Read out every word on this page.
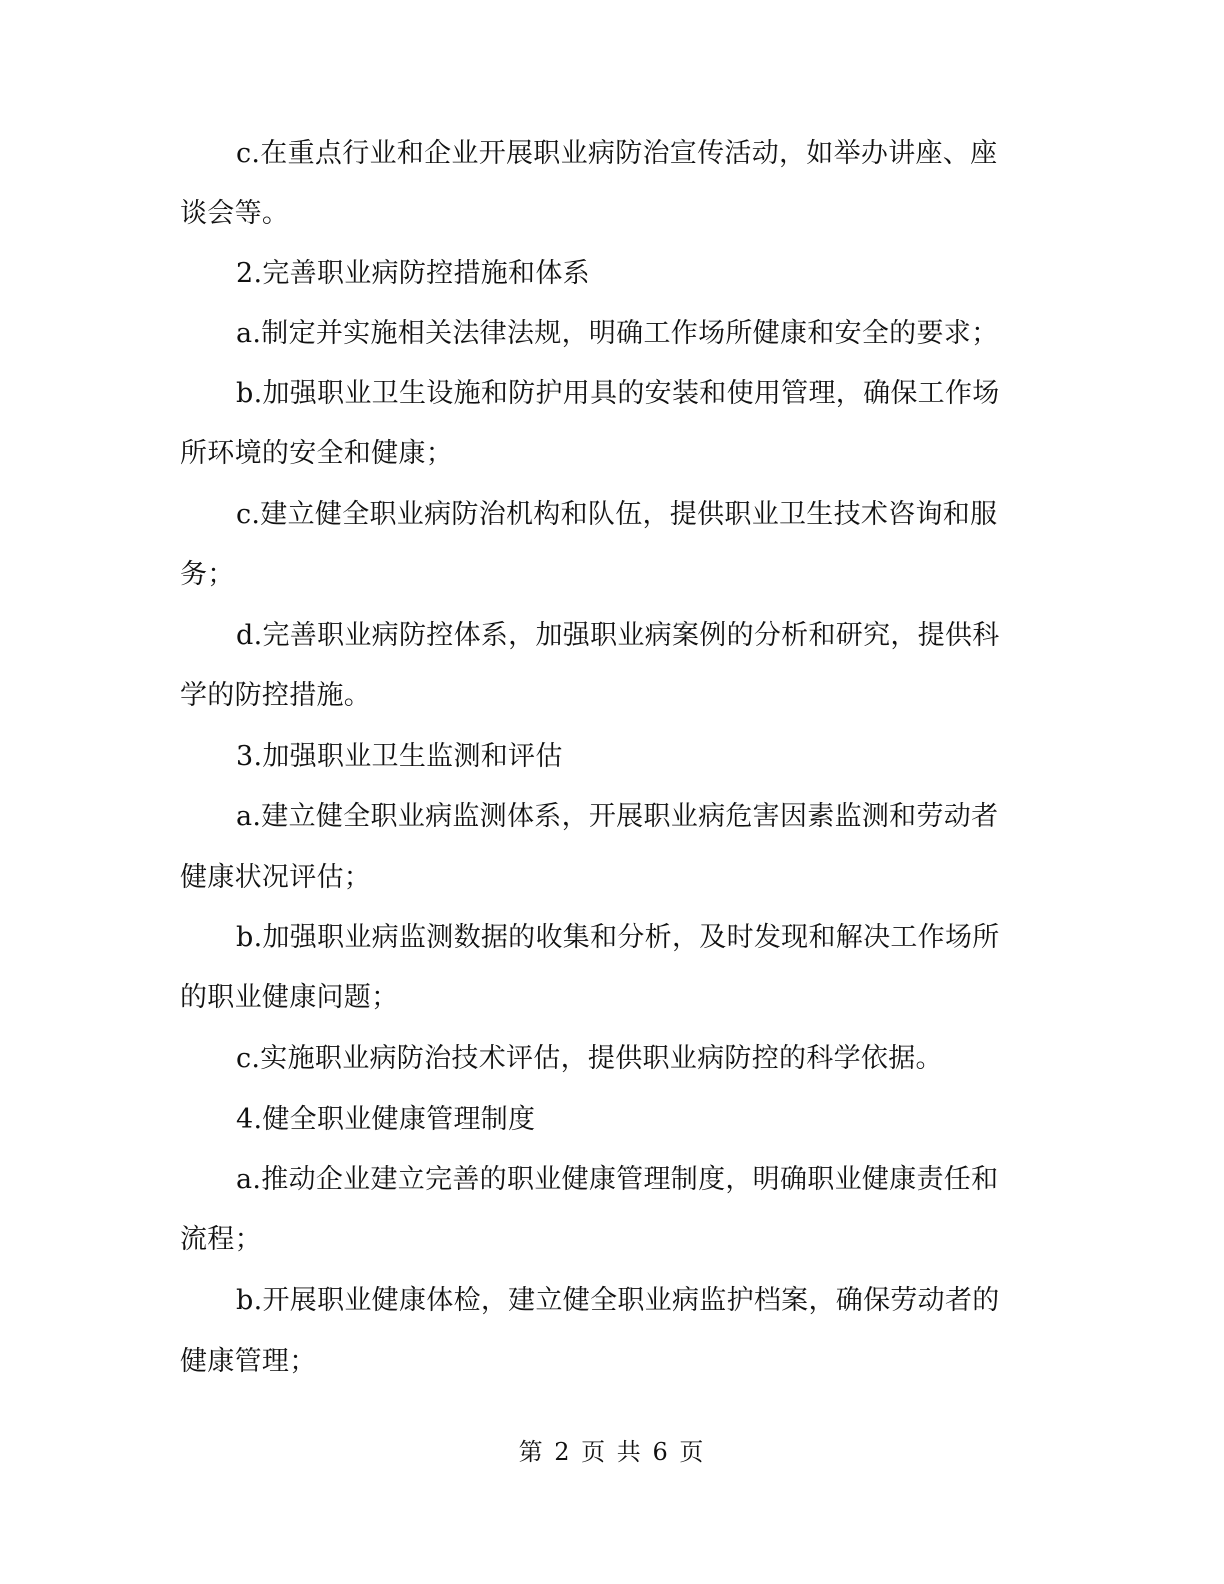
c.在重点行业和企业开展职业病防治宣传活动，如举办讲座、座
谈会等。
2.完善职业病防控措施和体系
a.制定并实施相关法律法规，明确工作场所健康和安全的要求；
b.加强职业卫生设施和防护用具的安装和使用管理，确保工作场
所环境的安全和健康；
c.建立健全职业病防治机构和队伍，提供职业卫生技术咨询和服
务；
d.完善职业病防控体系，加强职业病案例的分析和研究，提供科
学的防控措施。
3.加强职业卫生监测和评估
a.建立健全职业病监测体系，开展职业病危害因素监测和劳动者
健康状况评估；
b.加强职业病监测数据的收集和分析，及时发现和解决工作场所
的职业健康问题；
c.实施职业病防治技术评估，提供职业病防控的科学依据。
4.健全职业健康管理制度
a.推动企业建立完善的职业健康管理制度，明确职业健康责任和
流程；
b.开展职业健康体检，建立健全职业病监护档案，确保劳动者的
健康管理；
第 2 页 共 6 页
